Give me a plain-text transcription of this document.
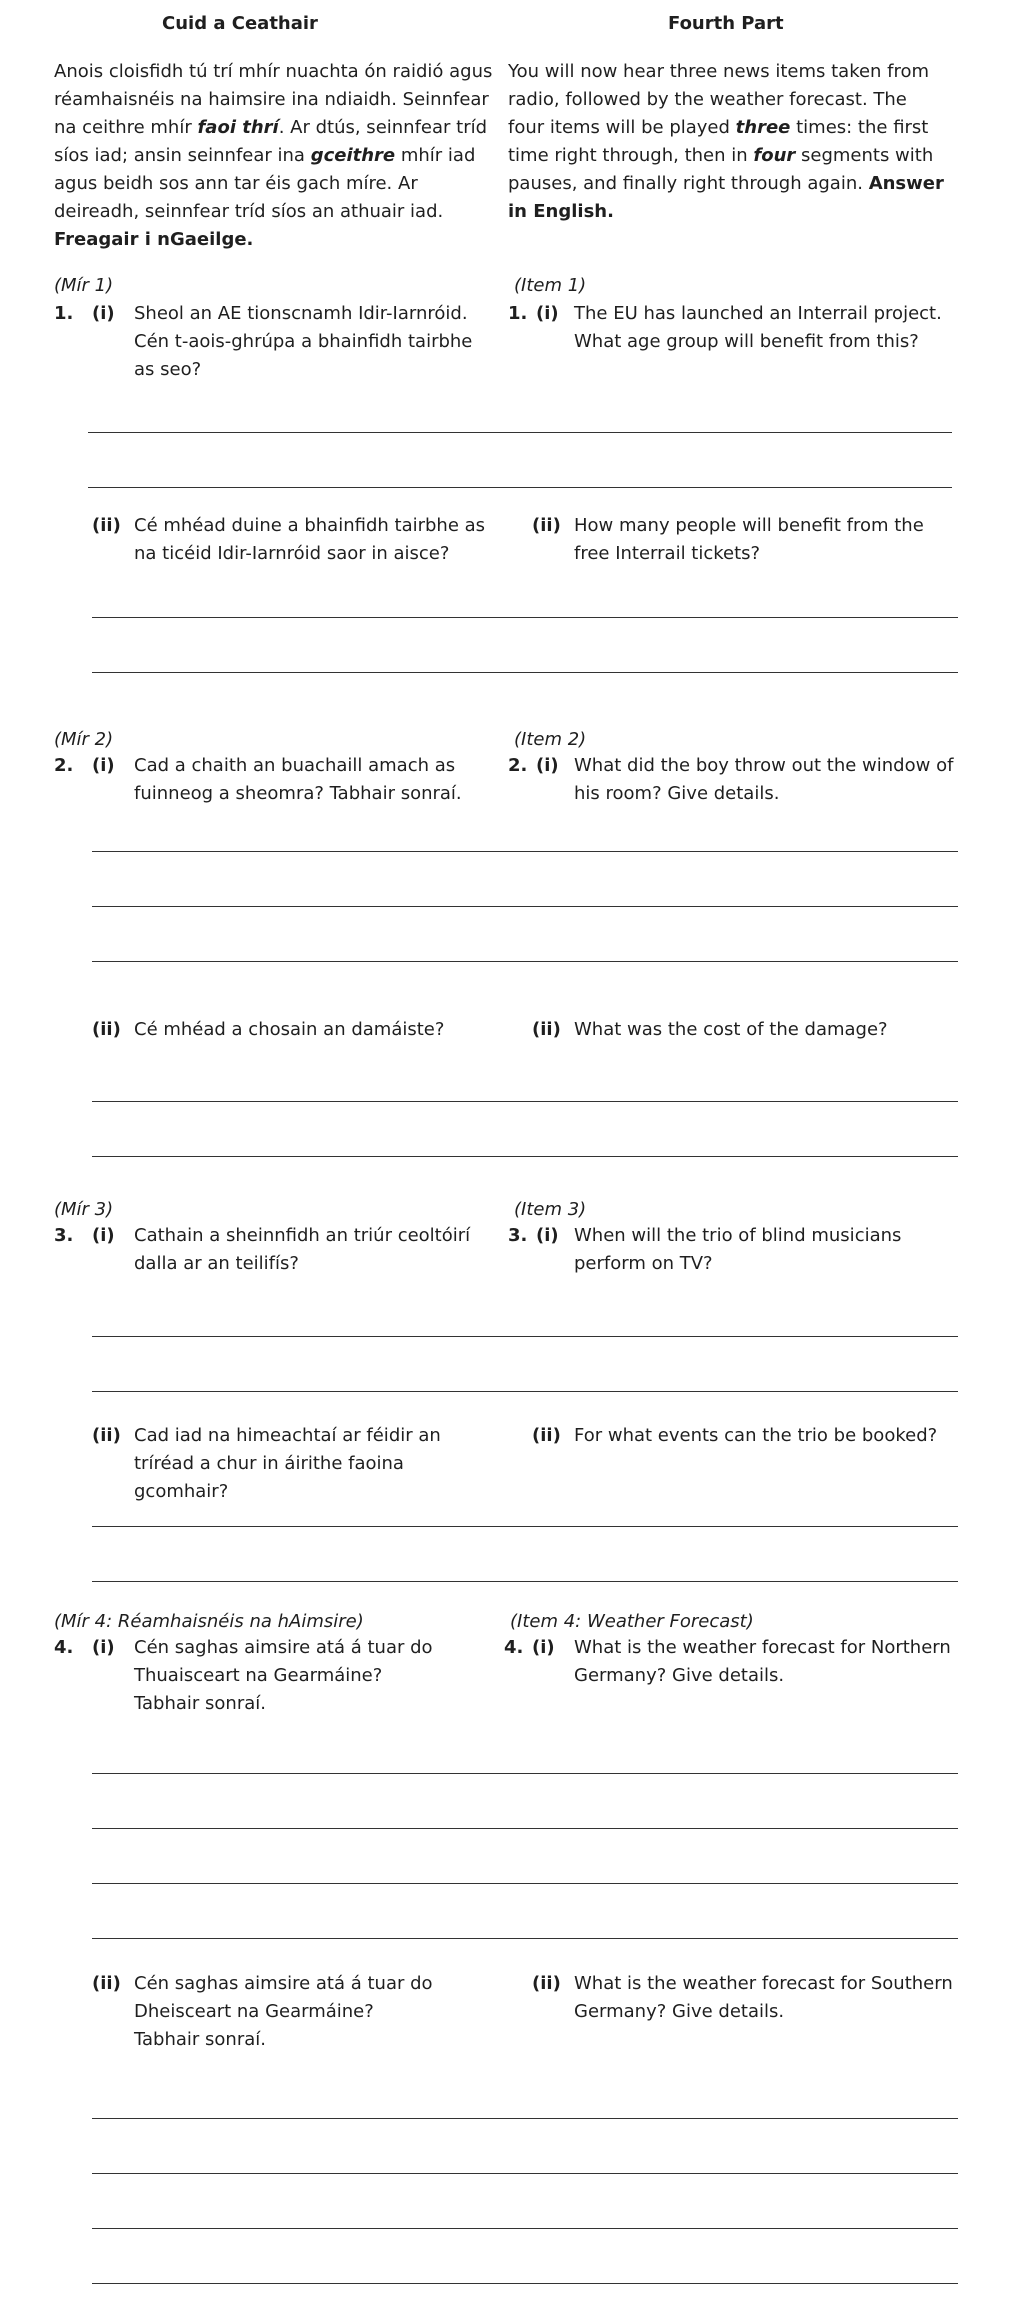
Cuid a Ceathair	Fourth Part
Anois cloisfidh tú trí mhír nuachta ón raidió agus réamhaisnéis na haimsire ina ndiaidh. Seinnfear na ceithre mhír faoi thrí. Ar dtús, seinnfear tríd síos iad; ansin seinnfear ina gceithre mhír iad agus beidh sos ann tar éis gach míre. Ar deireadh, seinnfear tríd síos an athuair iad. Freagair i nGaeilge.
You will now hear three news items taken from radio, followed by the weather forecast. The four items will be played three times: the first time right through, then in four segments with pauses, and finally right through again. Answer in English.
(Mír 1)	(Item 1)
1. (i) Sheol an AE tionscnamh Idir-Iarnróid. Cén t-aois-ghrúpa a bhainfidh tairbhe as seo?
1. (i) The EU has launched an Interrail project. What age group will benefit from this?
(ii) Cé mhéad duine a bhainfidh tairbhe as na ticéid Idir-Iarnróid saor in aisce?
(ii) How many people will benefit from the free Interrail tickets?
(Mír 2)	(Item 2)
2. (i) Cad a chaith an buachaill amach as fuinneog a sheomra? Tabhair sonraí.
2. (i) What did the boy throw out the window of his room? Give details.
(ii) Cé mhéad a chosain an damáiste?	(ii) What was the cost of the damage?
(Mír 3)	(Item 3)
3. (i) Cathain a sheinnfidh an triúr ceoltóirí dalla ar an teilifís?
3. (i) When will the trio of blind musicians perform on TV?
(ii) Cad iad na himeachtaí ar féidir an tríréad a chur in áirithe faoina gcomhair?
(ii) For what events can the trio be booked?
(Mír 4: Réamhaisnéis na hAimsire)	(Item 4: Weather Forecast)
4. (i) Cén saghas aimsire atá á tuar do Thuaisceart na Gearmáine? Tabhair sonraí.
4. (i) What is the weather forecast for Northern Germany? Give details.
(ii) Cén saghas aimsire atá á tuar do Dheisceart na Gearmáine? Tabhair sonraí.
(ii) What is the weather forecast for Southern Germany? Give details.
